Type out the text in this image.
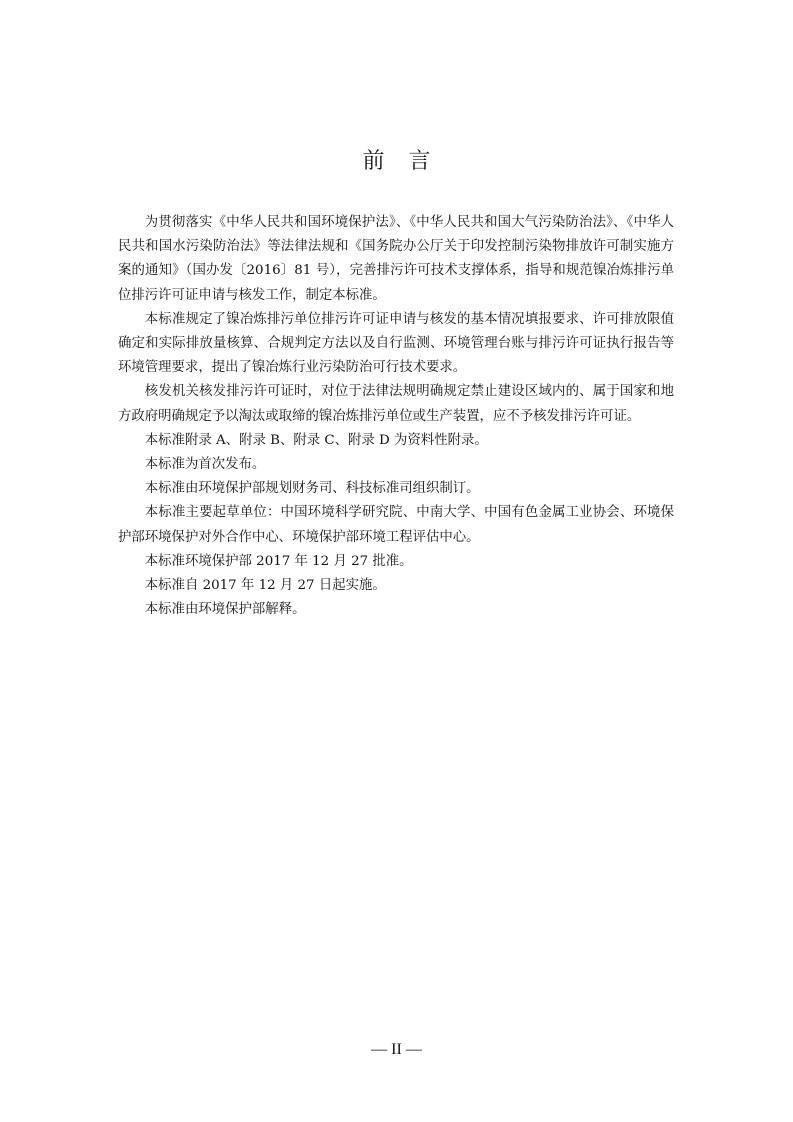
前言

为贯彻落实《中华人民共和国环境保护法》、《中华人民共和国大气污染防治法》、《中华人民共和国水污染防治法》等法律法规和《国务院办公厅关于印发控制污染物排放许可制实施方案的通知》（国办发〔2016〕81 号），完善排污许可技术支撑体系，指导和规范镍冶炼排污单位排污许可证申请与核发工作，制定本标准。

本标准规定了镍冶炼排污单位排污许可证申请与核发的基本情况填报要求、许可排放限值确定和实际排放量核算、合规判定方法以及自行监测、环境管理台账与排污许可证执行报告等环境管理要求，提出了镍冶炼行业污染防治可行技术要求。

核发机关核发排污许可证时，对位于法律法规明确规定禁止建设区域内的、属于国家和地方政府明确规定予以淘汰或取缔的镍冶炼排污单位或生产装置，应不予核发排污许可证。

本标准附录 A、附录 B、附录 C、附录 D 为资料性附录。

本标准为首次发布。

本标准由环境保护部规划财务司、科技标准司组织制订。

本标准主要起草单位：中国环境科学研究院、中南大学、中国有色金属工业协会、环境保护部环境保护对外合作中心、环境保护部环境工程评估中心。

本标准环境保护部 2017 年 12 月 27 批准。

本标准自 2017 年 12 月 27 日起实施。

本标准由环境保护部解释。

— II —
